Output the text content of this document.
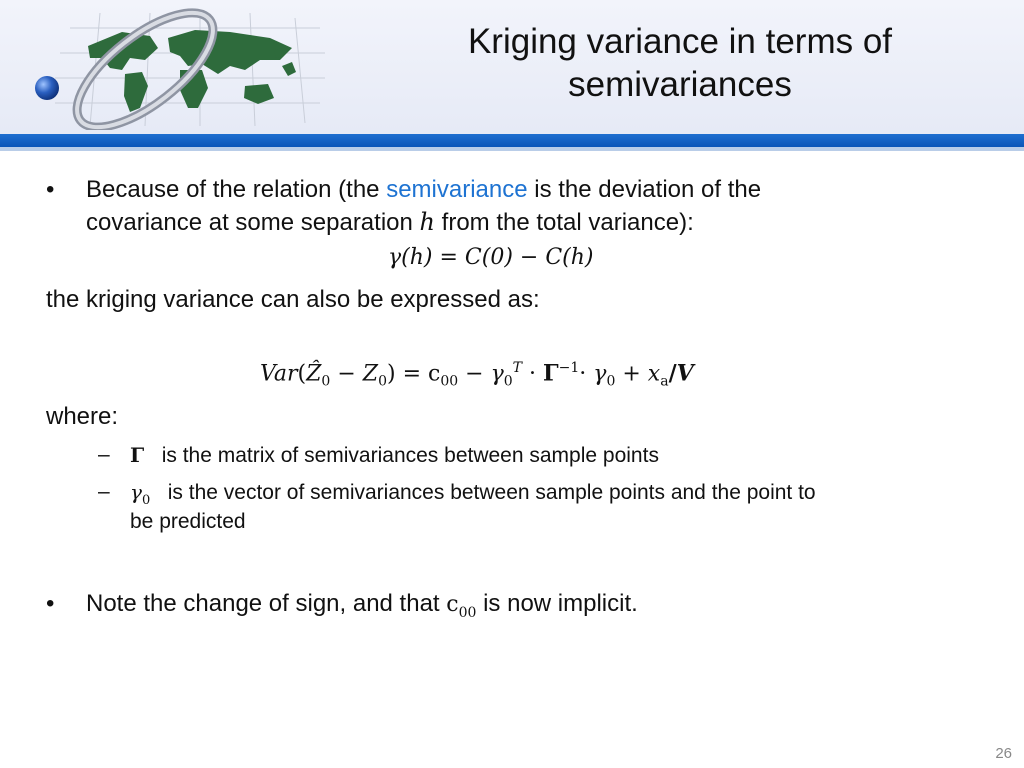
Kriging variance in terms of
semivariances
• Because of the relation (the semivariance is the deviation of the
covariance at some separation h from the total variance):
γ(h) = C(0) − C(h)
the kriging variance can also be expressed as:
Var(Ẑ$_0$ − $Z_0) = c_{00} - \gamma_0^T \cdot \Gamma^{-1}\cdot \gamma_0 + x_a/V$
where:
– Γ is the matrix of semivariances between sample points
– $\gamma_0$ is the vector of semivariances between sample points and the point to
be predicted
• Note the change of sign, and that $c_{00}$ is now implicit.
26
